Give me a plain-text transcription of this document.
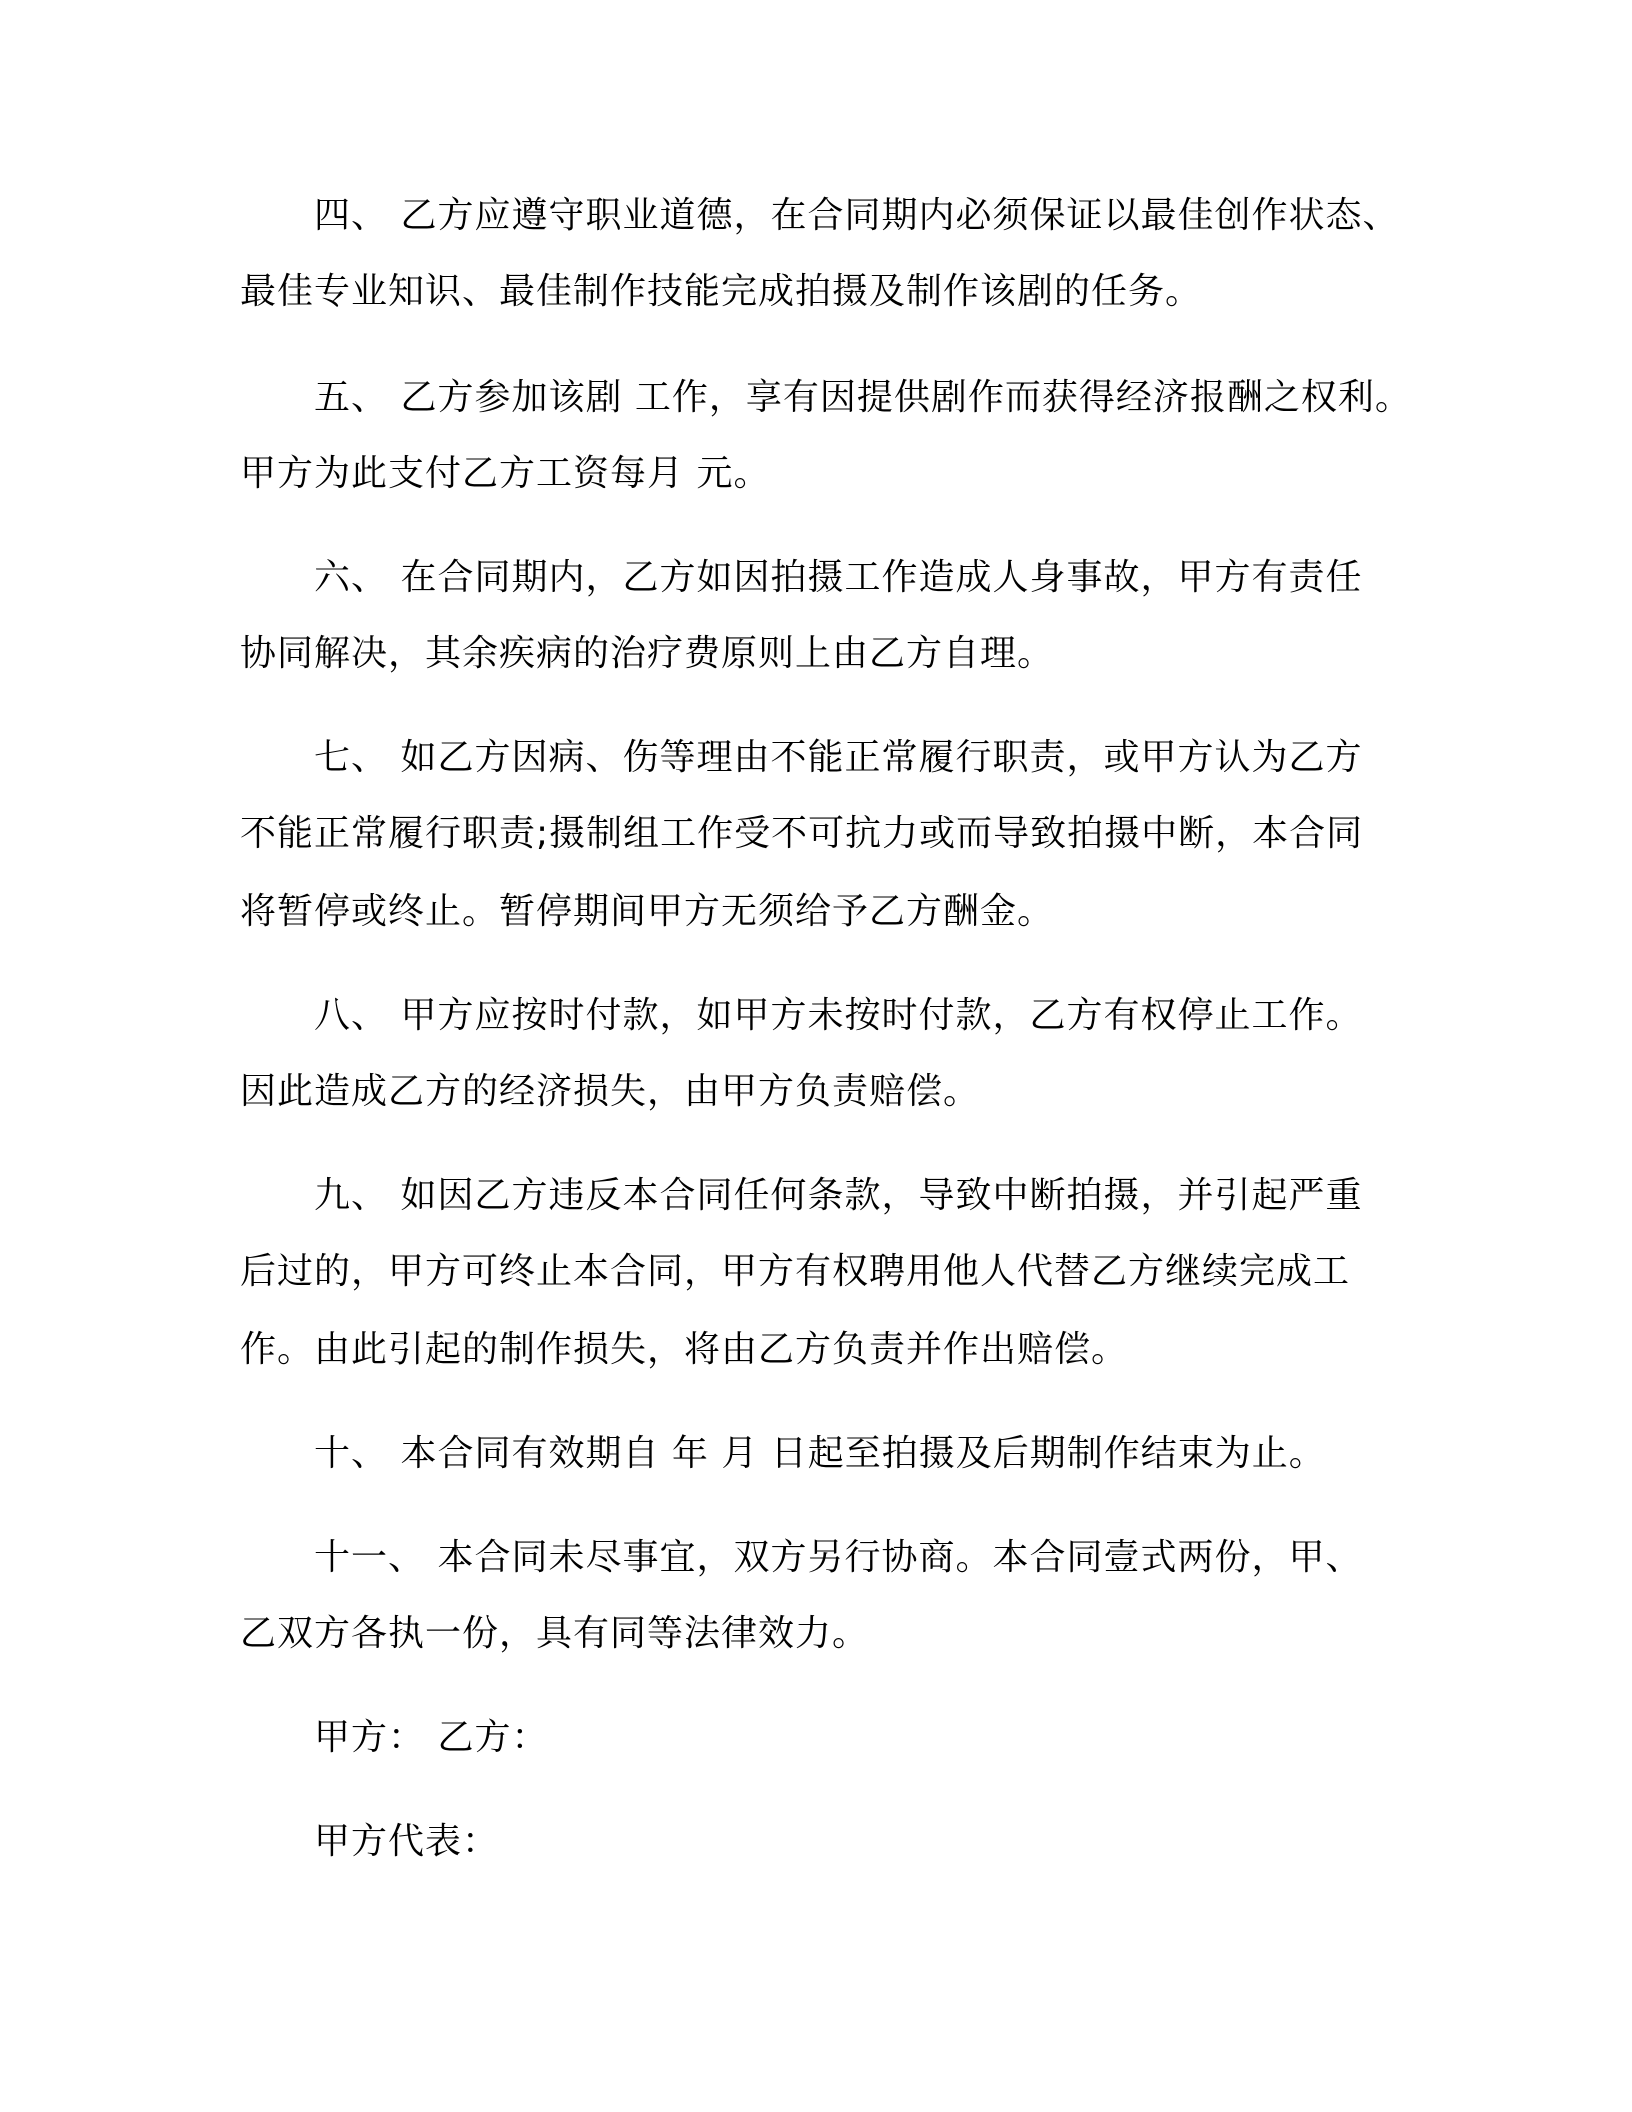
四、 乙方应遵守职业道德，在合同期内必须保证以最佳创作状态、

最佳专业知识、最佳制作技能完成拍摄及制作该剧的任务。

五、 乙方参加该剧 工作，享有因提供剧作而获得经济报酬之权利。

甲方为此支付乙方工资每月 元。

六、 在合同期内，乙方如因拍摄工作造成人身事故，甲方有责任

协同解决，其余疾病的治疗费原则上由乙方自理。

七、 如乙方因病、伤等理由不能正常履行职责，或甲方认为乙方

不能正常履行职责;摄制组工作受不可抗力或而导致拍摄中断，本合同

将暂停或终止。暂停期间甲方无须给予乙方酬金。

八、 甲方应按时付款，如甲方未按时付款，乙方有权停止工作。

因此造成乙方的经济损失，由甲方负责赔偿。

九、 如因乙方违反本合同任何条款，导致中断拍摄，并引起严重

后过的，甲方可终止本合同，甲方有权聘用他人代替乙方继续完成工

作。由此引起的制作损失，将由乙方负责并作出赔偿。

十、 本合同有效期自 年 月 日起至拍摄及后期制作结束为止。

十一、 本合同未尽事宜，双方另行协商。本合同壹式两份，甲、

乙双方各执一份，具有同等法律效力。

甲方： 乙方：

甲方代表：
